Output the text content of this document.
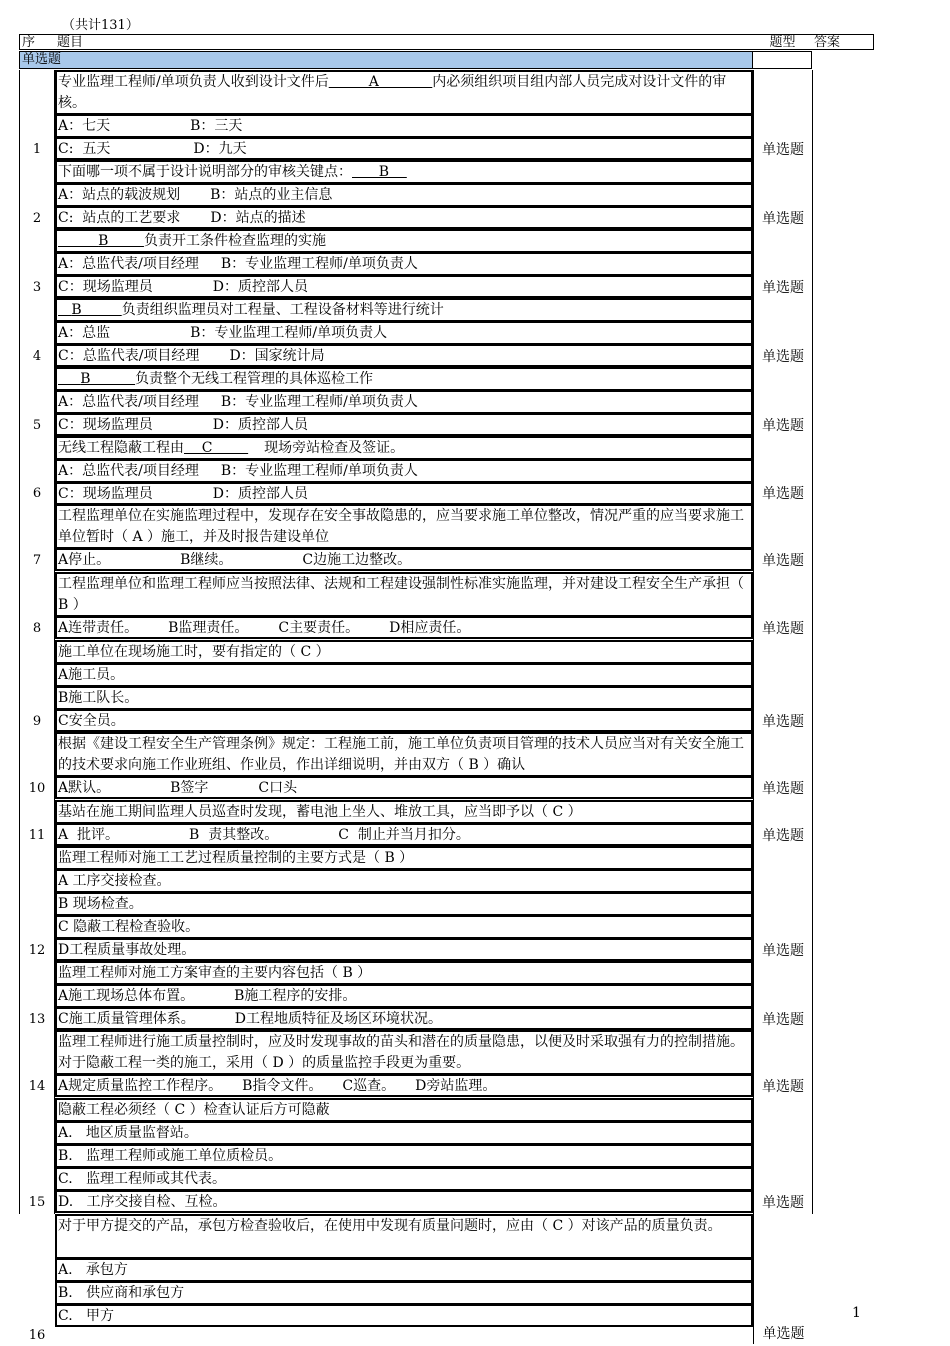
（共计131）
序	题目	题型	答案
单选题
专业监理工程师/单项负责人收到设计文件后         A            内必须组织项目组内部人员完成对设计文件的审核。
A：七天	B：三天
C:  五天	D：九天
1	单选题
下面哪一项不属于设计说明部分的审核关键点：      B
A：站点的载波规划 B：站点的业主信息
C:  站点的工艺要求 D：站点的描述
2	单选题
B        负责开工条件检查监理的实施
A：总监代表/项目经理 B：专业监理工程师/单项负责人
C：现场监理员	D：质控部人员
3	单选题
B         负责组织监理员对工程量、工程设备材料等进行统计
A：总监	B：专业监理工程师/单项负责人
C：总监代表/项目经理 D：国家统计局
4	单选题
B          负责整个无线工程管理的具体巡检工作
A：总监代表/项目经理 B：专业监理工程师/单项负责人
C：现场监理员	D：质控部人员
5	单选题
无线工程隐蔽工程由    C        现场旁站检查及签证。
A：总监代表/项目经理 B：专业监理工程师/单项负责人
C：现场监理员	D：质控部人员
6	单选题
工程监理单位在实施监理过程中，发现存在安全事故隐患的，应当要求施工单位整改，情况严重的应当要求施工单位暂时（ A ）施工，并及时报告建设单位
A停止。	B继续。	C边施工边整改。
7	单选题
工程监理单位和监理工程师应当按照法律、法规和工程建设强制性标准实施监理，并对建设工程安全生产承担（ B ）
A连带责任。 B监理责任。 C主要责任。 D相应责任。
8	单选题
施工单位在现场施工时，要有指定的（ C ）
A施工员。
B施工队长。
C安全员。
9	单选题
根据《建设工程安全生产管理条例》规定：工程施工前，施工单位负责项目管理的技术人员应当对有关安全施工的技术要求向施工作业班组、作业员，作出详细说明，并由双方（ B ）确认
A默认。	B签字	C口头
10	单选题
基站在施工期间监理人员巡查时发现，蓄电池上坐人、堆放工具，应当即予以（ C ）
A  批评。	B  责其整改。	C  制止并当月扣分。
11	单选题
监理工程师对施工工艺过程质量控制的主要方式是（ B ）
A 工序交接检查。
B 现场检查。
C 隐蔽工程检查验收。
D工程质量事故处理。
12	单选题
监理工程师对施工方案审查的主要内容包括（ B ）
A施工现场总体布置。	B施工程序的安排。
C施工质量管理体系。	D工程地质特征及场区环境状况。
13	单选题
监理工程师进行施工质量控制时，应及时发现事故的苗头和潜在的质量隐患，以便及时采取强有力的控制措施。对于隐蔽工程一类的施工，采用（ D ）的质量监控手段更为重要。
A规定质量监控工作程序。 B指令文件。 C巡查。 D旁站监理。
14	单选题
隐蔽工程必须经（ C ）检查认证后方可隐蔽
A.   地区质量监督站。
B.   监理工程师或施工单位质检员。
C.   监理工程师或其代表。
D.   工序交接自检、互检。
15	单选题
对于甲方提交的产品，承包方检查验收后，在使用中发现有质量问题时，应由（ C ）对该产品的质量负责。
A.   承包方
B.   供应商和承包方
C.   甲方
16	单选题
1
